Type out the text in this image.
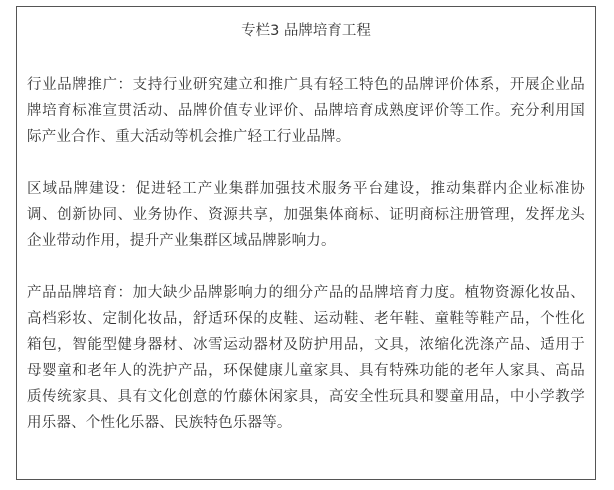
专栏3 品牌培育工程
行业品牌推广：支持行业研究建立和推广具有轻工特色的品牌评价体系，开展企业品牌培育标准宣贯活动、品牌价值专业评价、品牌培育成熟度评价等工作。充分利用国际产业合作、重大活动等机会推广轻工行业品牌。
区域品牌建设：促进轻工产业集群加强技术服务平台建设，推动集群内企业标准协调、创新协同、业务协作、资源共享，加强集体商标、证明商标注册管理，发挥龙头企业带动作用，提升产业集群区域品牌影响力。
产品品牌培育：加大缺少品牌影响力的细分产品的品牌培育力度。植物资源化妆品、高档彩妆、定制化妆品，舒适环保的皮鞋、运动鞋、老年鞋、童鞋等鞋产品，个性化箱包，智能型健身器材、冰雪运动器材及防护用品，文具，浓缩化洗涤产品、适用于母婴童和老年人的洗护产品，环保健康儿童家具、具有特殊功能的老年人家具、高品质传统家具、具有文化创意的竹藤休闲家具，高安全性玩具和婴童用品，中小学教学用乐器、个性化乐器、民族特色乐器等。
